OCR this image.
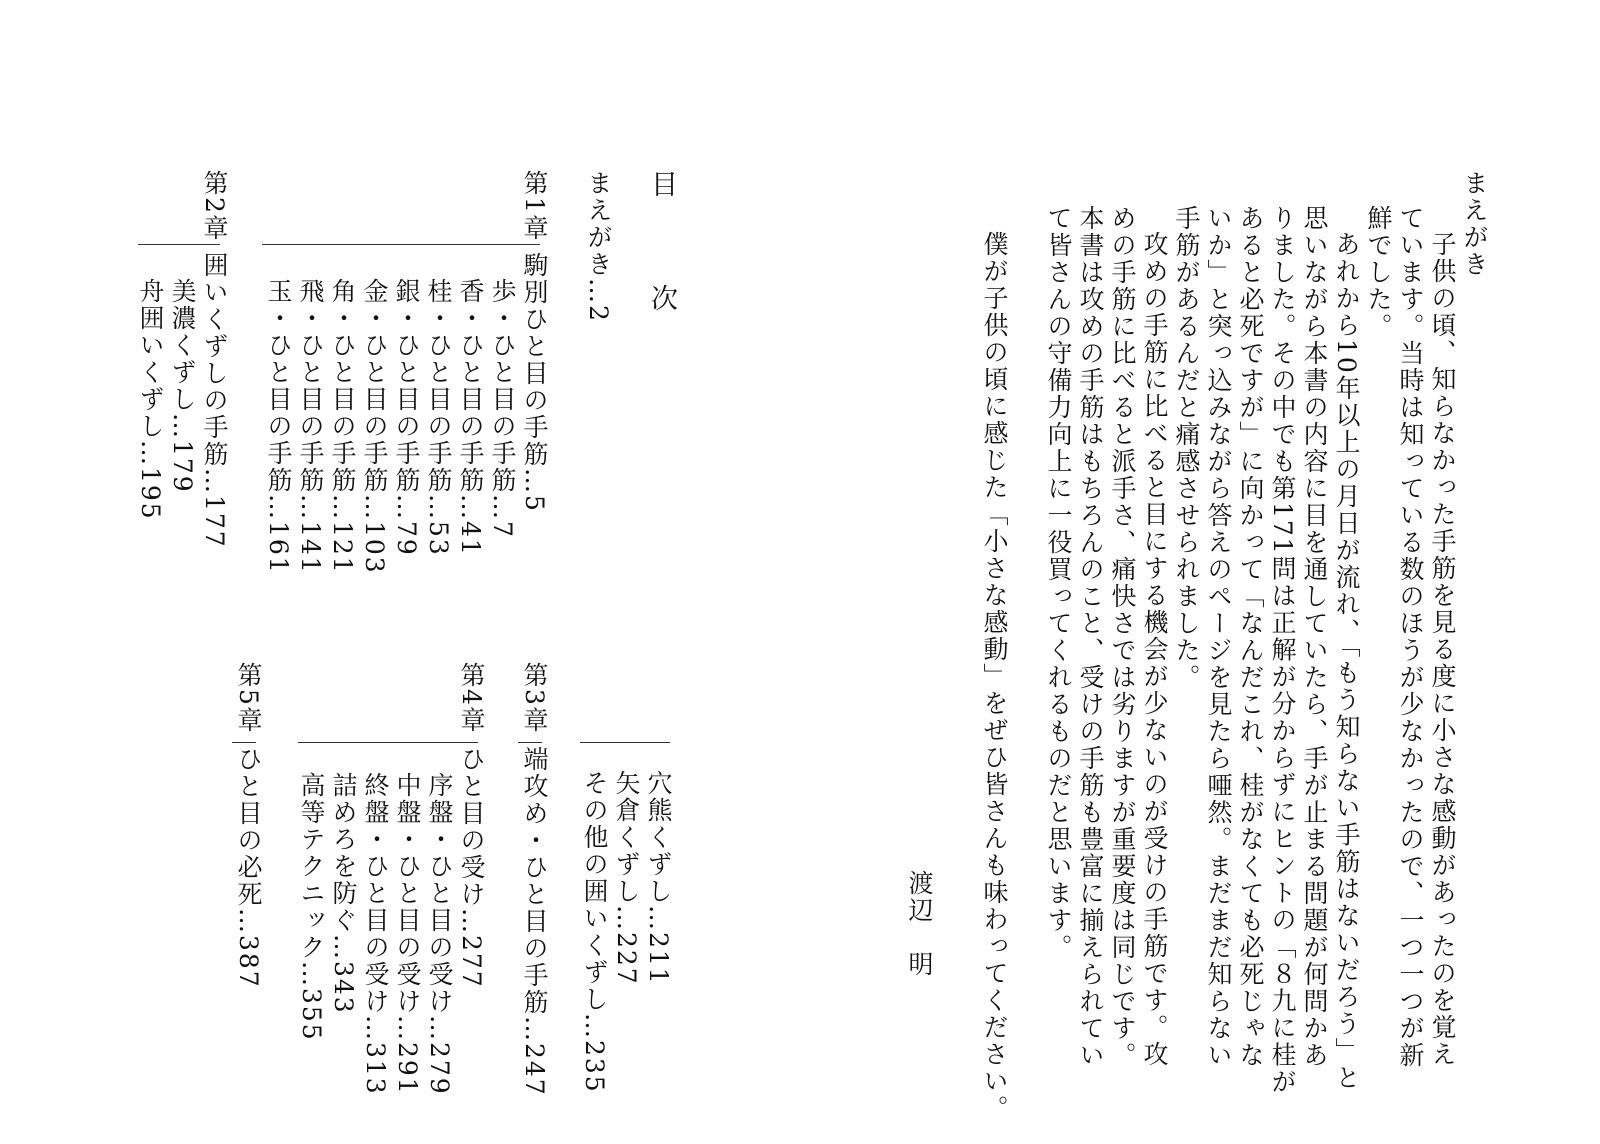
目　次
まえがき…2
第1章
駒別ひと目の手筋…5
歩・ひと目の手筋…7
香・ひと目の手筋…41
桂・ひと目の手筋…53
銀・ひと目の手筋…79
金・ひと目の手筋…103
角・ひと目の手筋…121
飛・ひと目の手筋…141
玉・ひと目の手筋…161
第2章
囲いくずしの手筋…177
美濃くずし…179
舟囲いくずし…195
穴熊くずし…211
矢倉くずし…227
その他の囲いくずし…235
第3章
端攻め・ひと目の手筋…247
第4章
ひと目の受け…277
序盤・ひと目の受け…279
中盤・ひと目の受け…291
終盤・ひと目の受け…313
詰めろを防ぐ…343
高等テクニック…355
第5章
ひと目の必死…387
まえがき
子供の頃、知らなかった手筋を見る度に小さな感動があったのを覚え
ています。当時は知っている数のほうが少なかったので、一つ一つが新
鮮でした。
あれから10年以上の月日が流れ、「もう知らない手筋はないだろう」と
思いながら本書の内容に目を通していたら、手が止まる問題が何問かあ
りました。その中でも第171問は正解が分からずにヒントの「８九に桂が
あると必死ですが」に向かって「なんだこれ、桂がなくても必死じゃな
いか」と突っ込みながら答えのページを見たら唖然。まだまだ知らない
手筋があるんだと痛感させられました。
攻めの手筋に比べると目にする機会が少ないのが受けの手筋です。攻
めの手筋に比べると派手さ、痛快さでは劣りますが重要度は同じです。
本書は攻めの手筋はもちろんのこと、受けの手筋も豊富に揃えられてい
て皆さんの守備力向上に一役買ってくれるものだと思います。
僕が子供の頃に感じた「小さな感動」をぜひ皆さんも味わってください。
渡辺　明
